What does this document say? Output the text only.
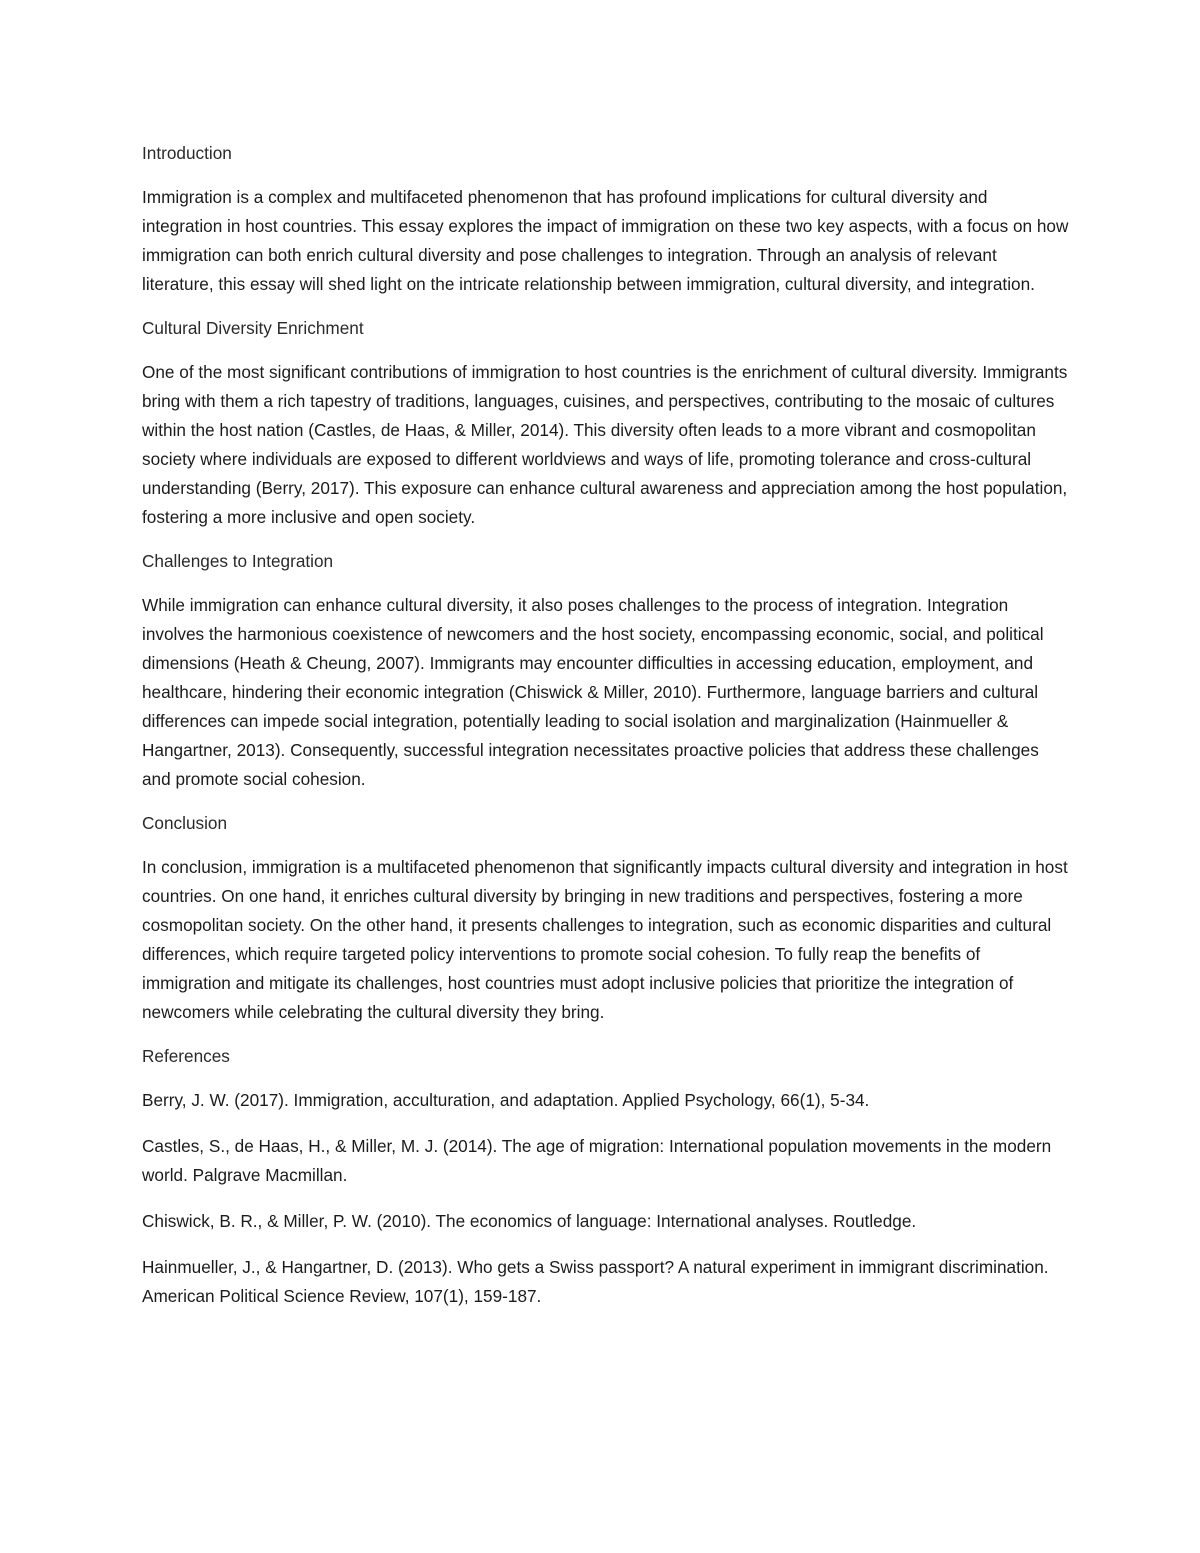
Introduction

Immigration is a complex and multifaceted phenomenon that has profound implications for cultural diversity and integration in host countries. This essay explores the impact of immigration on these two key aspects, with a focus on how immigration can both enrich cultural diversity and pose challenges to integration. Through an analysis of relevant literature, this essay will shed light on the intricate relationship between immigration, cultural diversity, and integration.

Cultural Diversity Enrichment

One of the most significant contributions of immigration to host countries is the enrichment of cultural diversity. Immigrants bring with them a rich tapestry of traditions, languages, cuisines, and perspectives, contributing to the mosaic of cultures within the host nation (Castles, de Haas, & Miller, 2014). This diversity often leads to a more vibrant and cosmopolitan society where individuals are exposed to different worldviews and ways of life, promoting tolerance and cross-cultural understanding (Berry, 2017). This exposure can enhance cultural awareness and appreciation among the host population, fostering a more inclusive and open society.

Challenges to Integration

While immigration can enhance cultural diversity, it also poses challenges to the process of integration. Integration involves the harmonious coexistence of newcomers and the host society, encompassing economic, social, and political dimensions (Heath & Cheung, 2007). Immigrants may encounter difficulties in accessing education, employment, and healthcare, hindering their economic integration (Chiswick & Miller, 2010). Furthermore, language barriers and cultural differences can impede social integration, potentially leading to social isolation and marginalization (Hainmueller & Hangartner, 2013). Consequently, successful integration necessitates proactive policies that address these challenges and promote social cohesion.

Conclusion

In conclusion, immigration is a multifaceted phenomenon that significantly impacts cultural diversity and integration in host countries. On one hand, it enriches cultural diversity by bringing in new traditions and perspectives, fostering a more cosmopolitan society. On the other hand, it presents challenges to integration, such as economic disparities and cultural differences, which require targeted policy interventions to promote social cohesion. To fully reap the benefits of immigration and mitigate its challenges, host countries must adopt inclusive policies that prioritize the integration of newcomers while celebrating the cultural diversity they bring.

References

Berry, J. W. (2017). Immigration, acculturation, and adaptation. Applied Psychology, 66(1), 5-34.

Castles, S., de Haas, H., & Miller, M. J. (2014). The age of migration: International population movements in the modern world. Palgrave Macmillan.

Chiswick, B. R., & Miller, P. W. (2010). The economics of language: International analyses. Routledge.

Hainmueller, J., & Hangartner, D. (2013). Who gets a Swiss passport? A natural experiment in immigrant discrimination. American Political Science Review, 107(1), 159-187.
